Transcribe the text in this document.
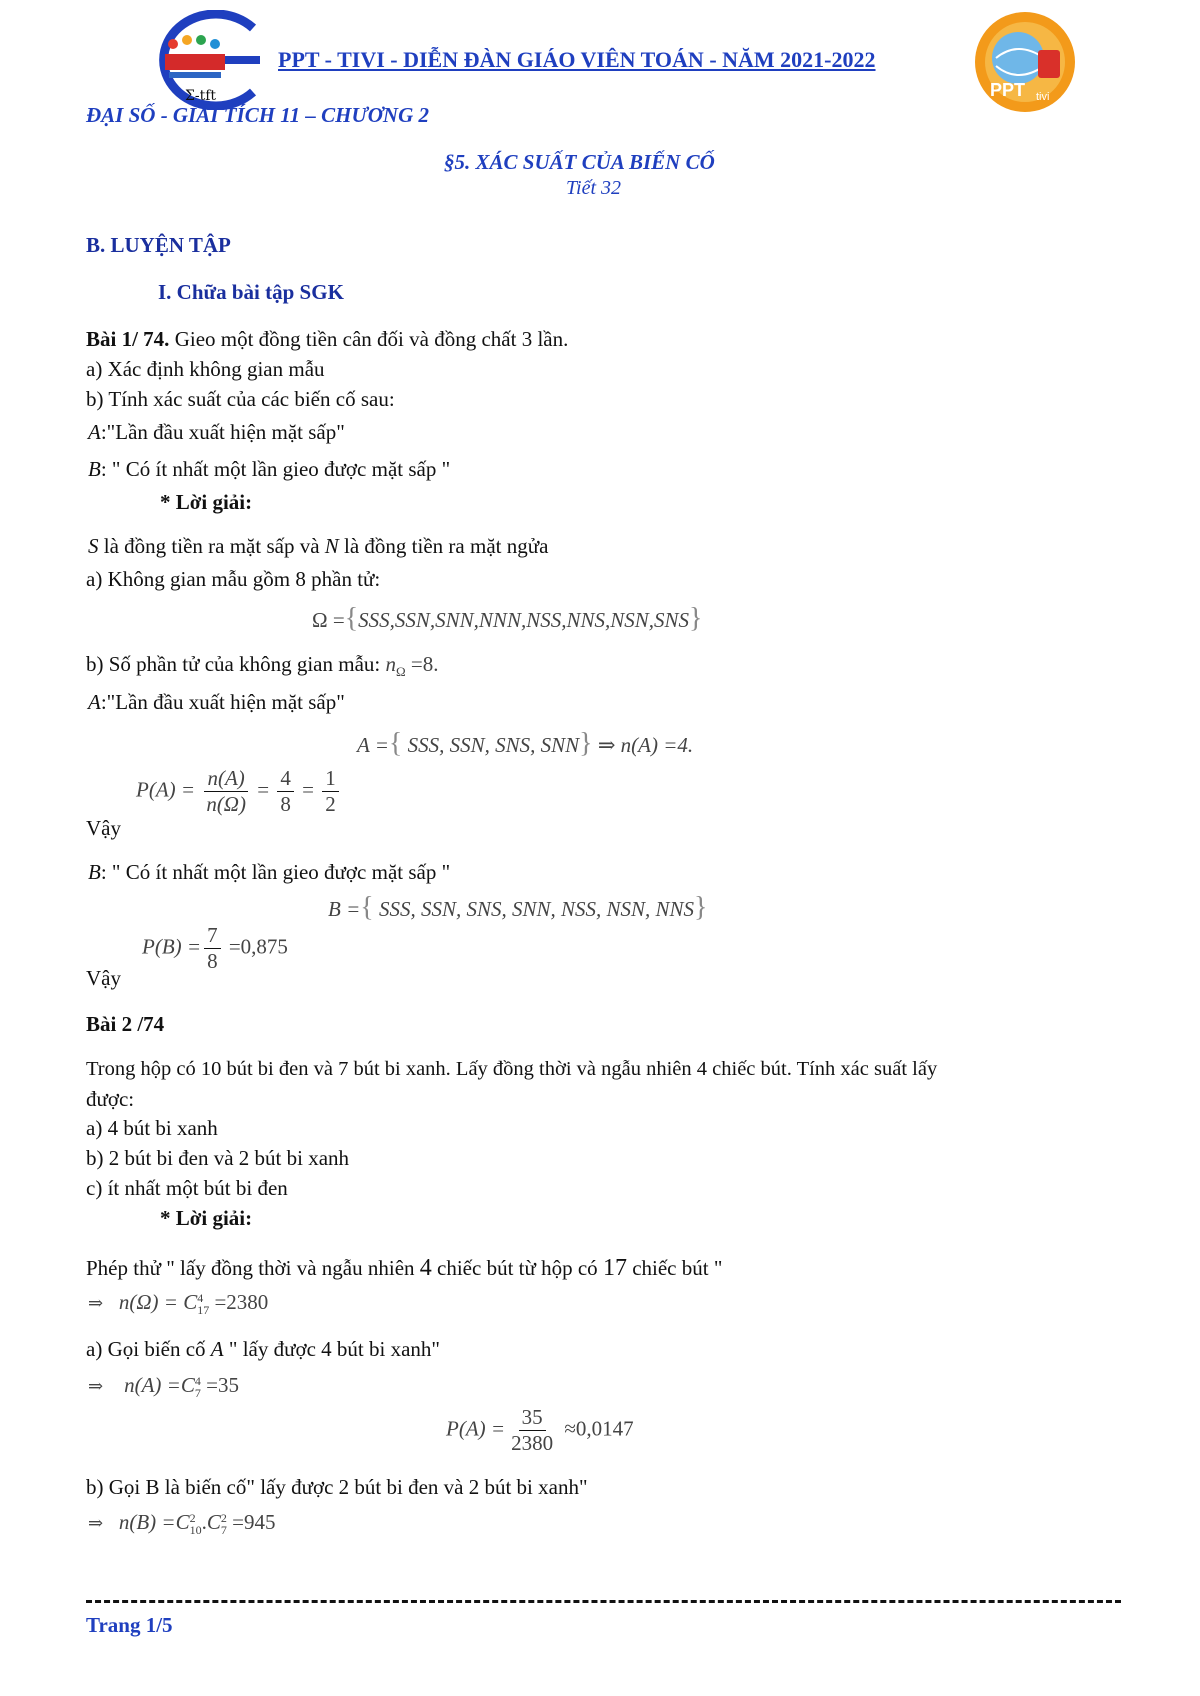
Σ-tft
PPT - TIVI - DIỄN ĐÀN GIÁO VIÊN TOÁN - NĂM 2021-2022
PPT tivi
ĐẠI SỐ - GIẢI TÍCH 11 – CHƯƠNG 2
§5. XÁC SUẤT CỦA BIẾN CỐ
Tiết 32
B. LUYỆN TẬP
I. Chữa bài tập SGK
Bài 1/ 74. Gieo một đồng tiền cân đối và đồng chất 3 lần.
a) Xác định không gian mẫu
b) Tính xác suất của các biến cố sau:
A:"Lần đầu xuất hiện mặt sấp"
B: " Có ít nhất một lần gieo được mặt sấp "
* Lời giải:
S là đồng tiền ra mặt sấp và N là đồng tiền ra mặt ngửa
a) Không gian mẫu gồm 8 phần tử:
Ω ={SSS,SSN,SNN,NNN,NSS,NNS,NSN,SNS}
b) Số phần tử của không gian mẫu: $n_\Omega =8$.
A:"Lần đầu xuất hiện mặt sấp"
A ={ SSS, SSN, SNS, SNN} ⇒ n(A) =4.
Vậy
$P(A) = \frac{n(A)}{n(\Omega)} = \frac{4}{8} = \frac{1}{2}$
B: " Có ít nhất một lần gieo được mặt sấp "
B ={ SSS, SSN, SNS, SNN, NSS, NSN, NNS}
Vậy
$P(B) = \frac{7}{8} =0,875$
Bài 2 /74
Trong hộp có 10 bút bi đen và 7 bút bi xanh. Lấy đồng thời và ngẫu nhiên 4 chiếc bút. Tính xác suất lấy
được:
a) 4 bút bi xanh
b) 2 bút bi đen và 2 bút bi xanh
c) ít nhất một bút bi đen
* Lời giải:
Phép thử " lấy đồng thời và ngẫu nhiên 4 chiếc bút từ hộp có 17 chiếc bút "
⇒ n(Ω) = C 4
17 =2380
a) Gọi biến cố A " lấy được 4 bút bi xanh"
⇒ n(A) =C 4
7 =35
$P(A) = \frac{35}{2380} \approx 0,0147$
b) Gọi B là biến cố" lấy được 2 bút bi đen và 2 bút bi xanh"
⇒ n(B) =C 2
10 .C 2
7 =945
Trang 1/5
